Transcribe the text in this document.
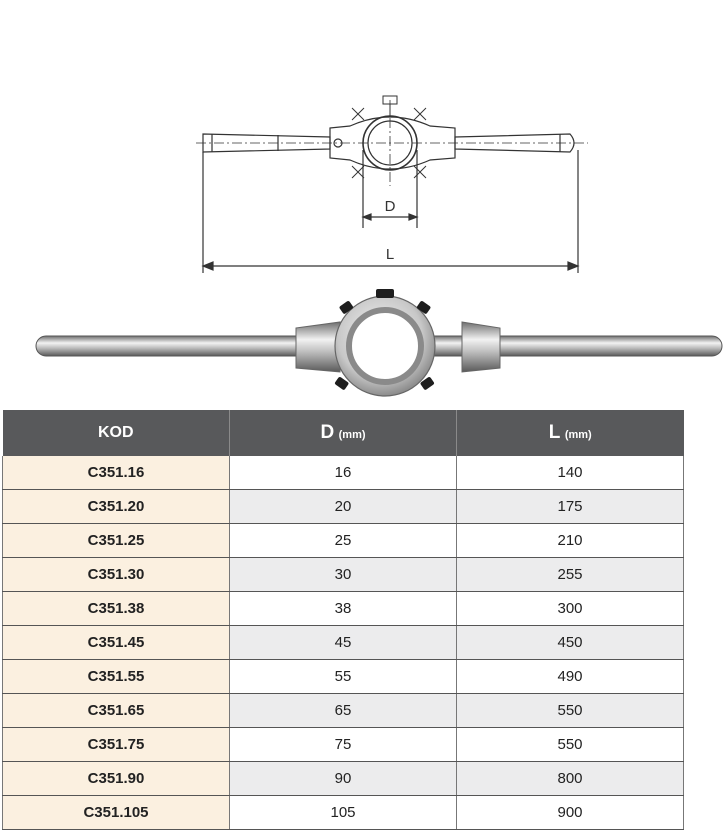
D
L
KOD	D (mm)	L (mm)
C351.16	16	140
C351.20	20	175
C351.25	25	210
C351.30	30	255
C351.38	38	300
C351.45	45	450
C351.55	55	490
C351.65	65	550
C351.75	75	550
C351.90	90	800
C351.105	105	900
